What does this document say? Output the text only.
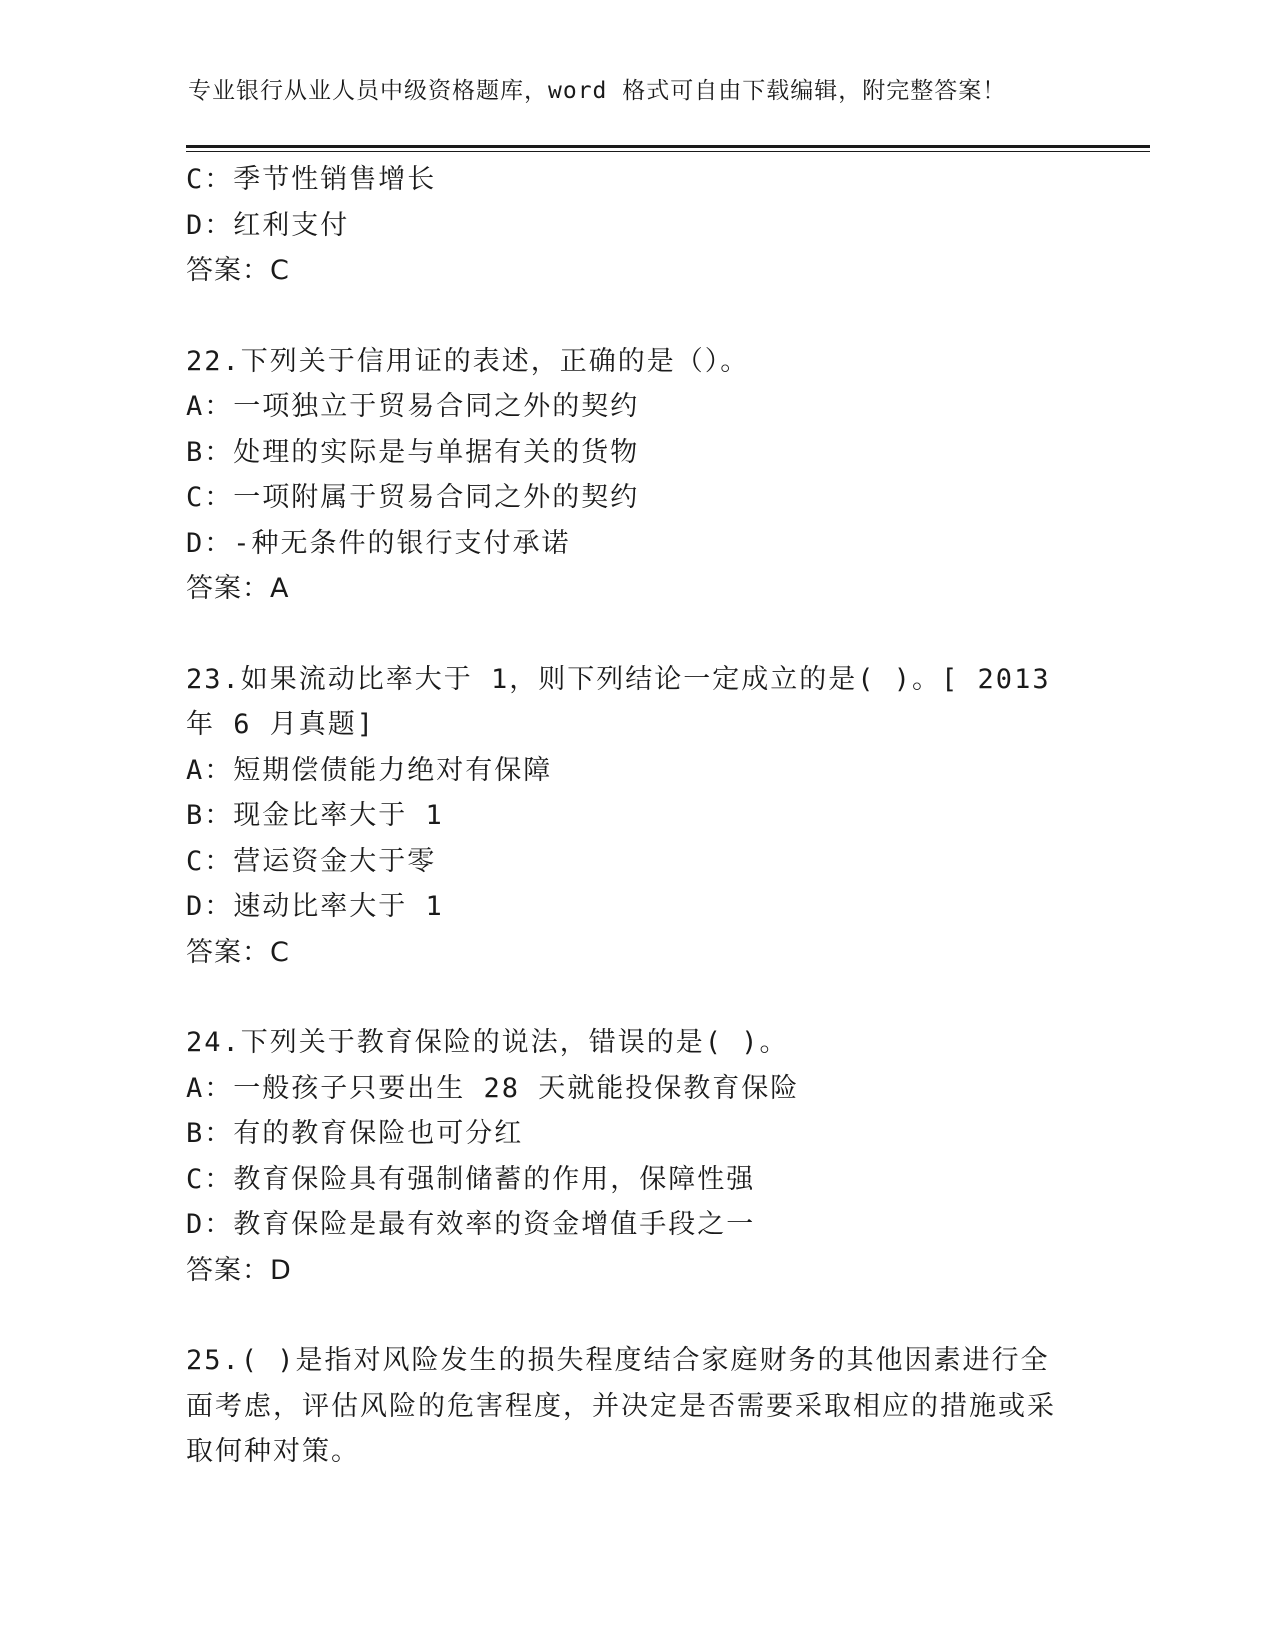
专业银行从业人员中级资格题库，word 格式可自由下载编辑，附完整答案！
C：季节性销售增长
D：红利支付
答案：C
22.下列关于信用证的表述，正确的是（）。
A：一项独立于贸易合同之外的契约
B：处理的实际是与单据有关的货物
C：一项附属于贸易合同之外的契约
D：-种无条件的银行支付承诺
答案：A
23.如果流动比率大于 1，则下列结论一定成立的是( )。[ 2013 年 6 月真题]
A：短期偿债能力绝对有保障
B：现金比率大于 1
C：营运资金大于零
D：速动比率大于 1
答案：C
24.下列关于教育保险的说法，错误的是( )。
A：一般孩子只要出生 28 天就能投保教育保险
B：有的教育保险也可分红
C：教育保险具有强制储蓄的作用，保障性强
D：教育保险是最有效率的资金增值手段之一
答案：D
25.( )是指对风险发生的损失程度结合家庭财务的其他因素进行全面考虑，评估风险的危害程度，并决定是否需要采取相应的措施或采取何种对策。
